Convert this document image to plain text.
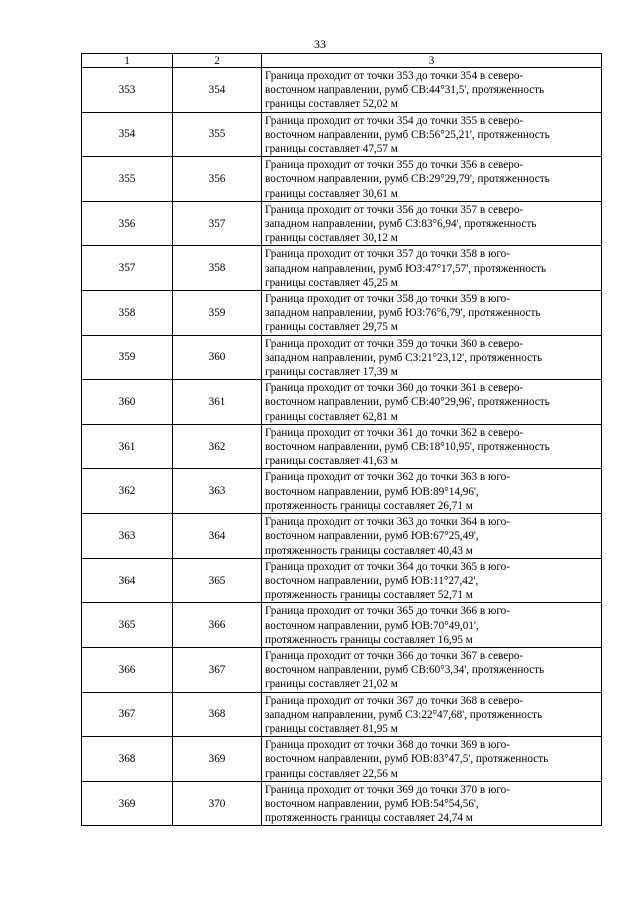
33
1	2	3
353	354	Граница проходит от точки 353 до точки 354 в северо-
восточном направлении, румб СВ:44°31,5', протяженность
границы составляет 52,02 м

354	355	Граница проходит от точки 354 до точки 355 в северо-
восточном направлении, румб СВ:56°25,21', протяженность
границы составляет 47,57 м

355	356	Граница проходит от точки 355 до точки 356 в северо-
восточном направлении, румб СВ:29°29,79', протяженность
границы составляет 30,61 м

356	357	Граница проходит от точки 356 до точки 357 в северо-
западном направлении, румб СЗ:83°6,94', протяженность
границы составляет 30,12 м

357	358	Граница проходит от точки 357 до точки 358 в юго-
западном направлении, румб ЮЗ:47°17,57', протяженность
границы составляет 45,25 м

358	359	Граница проходит от точки 358 до точки 359 в юго-
западном направлении, румб ЮЗ:76°6,79', протяженность
границы составляет 29,75 м

359	360	Граница проходит от точки 359 до точки 360 в северо-
западном направлении, румб СЗ:21°23,12', протяженность
границы составляет 17,39 м

360	361	Граница проходит от точки 360 до точки 361 в северо-
восточном направлении, румб СВ:40°29,96', протяженность
границы составляет 62,81 м

361	362	Граница проходит от точки 361 до точки 362 в северо-
восточном направлении, румб СВ:18°10,95', протяженность
границы составляет 41,63 м

362	363	Граница проходит от точки 362 до точки 363 в юго-
восточном направлении, румб ЮВ:89°14,96',
протяженность границы составляет 26,71 м

363	364	Граница проходит от точки 363 до точки 364 в юго-
восточном направлении, румб ЮВ:67°25,49',
протяженность границы составляет 40,43 м

364	365	Граница проходит от точки 364 до точки 365 в юго-
восточном направлении, румб ЮВ:11°27,42',
протяженность границы составляет 52,71 м

365	366	Граница проходит от точки 365 до точки 366 в юго-
восточном направлении, румб ЮВ:70°49,01',
протяженность границы составляет 16,95 м

366	367	Граница проходит от точки 366 до точки 367 в северо-
восточном направлении, румб СВ:60°3,34', протяженность
границы составляет 21,02 м

367	368	Граница проходит от точки 367 до точки 368 в северо-
западном направлении, румб СЗ:22°47,68', протяженность
границы составляет 81,95 м

368	369	Граница проходит от точки 368 до точки 369 в юго-
восточном направлении, румб ЮВ:83°47,5', протяженность
границы составляет 22,56 м

369	370	Граница проходит от точки 369 до точки 370 в юго-
восточном направлении, румб ЮВ:54°54,56',
протяженность границы составляет 24,74 м
